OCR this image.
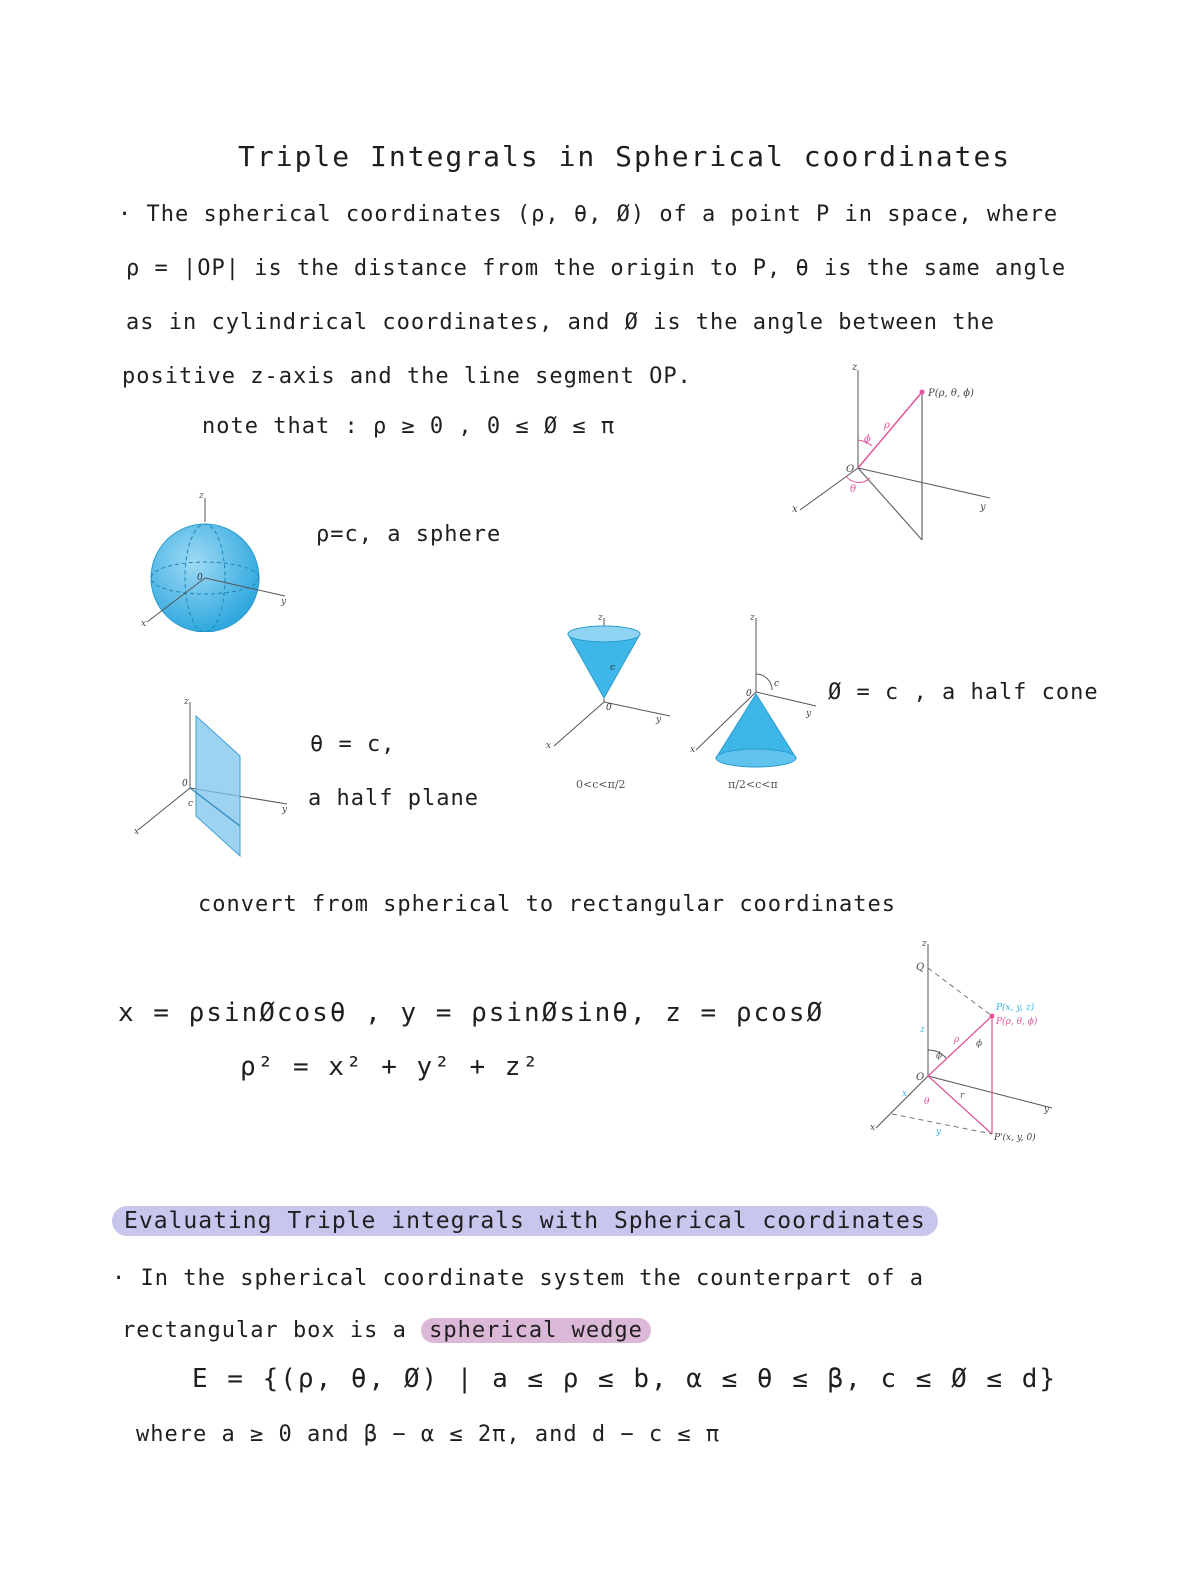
Triple Integrals in Spherical coordinates
· The spherical coordinates (ρ, θ, Ø) of a point P in space, where
ρ = |OP| is the distance from the origin to P, θ is the same angle
as in cylindrical coordinates, and Ø is the angle between the
positive z-axis and the line segment OP.
note that : ρ ≥ 0 , 0 ≤ Ø ≤ π
z
P(ρ, θ, ϕ)
O
x	y
ϕ
ρ
θ
z
0
y
x
ρ=c, a sphere
z
0
y
x
c
θ = c,
a half plane
z
0
y
x
c
0<c<π/2
z
0
y
x
c
π/2<c<π
Ø = c , a half cone
convert from spherical to rectangular coordinates
x = ρsinØcosθ , y = ρsinØsinθ, z = ρcosØ
ρ² = x² + y² + z²
z
Q
P(x, y, z)
P(ρ, θ, ϕ)
z
ρ
ϕ
ϕ
O
x
θ
r
y
y
x
P'(x, y, 0)
Evaluating Triple integrals with Spherical coordinates
· In the spherical coordinate system the counterpart of a
rectangular box is a spherical wedge
E = {(ρ, θ, Ø) | a ≤ ρ ≤ b, α ≤ θ ≤ β, c ≤ Ø ≤ d}
where a ≥ 0 and β − α ≤ 2π, and d − c ≤ π
